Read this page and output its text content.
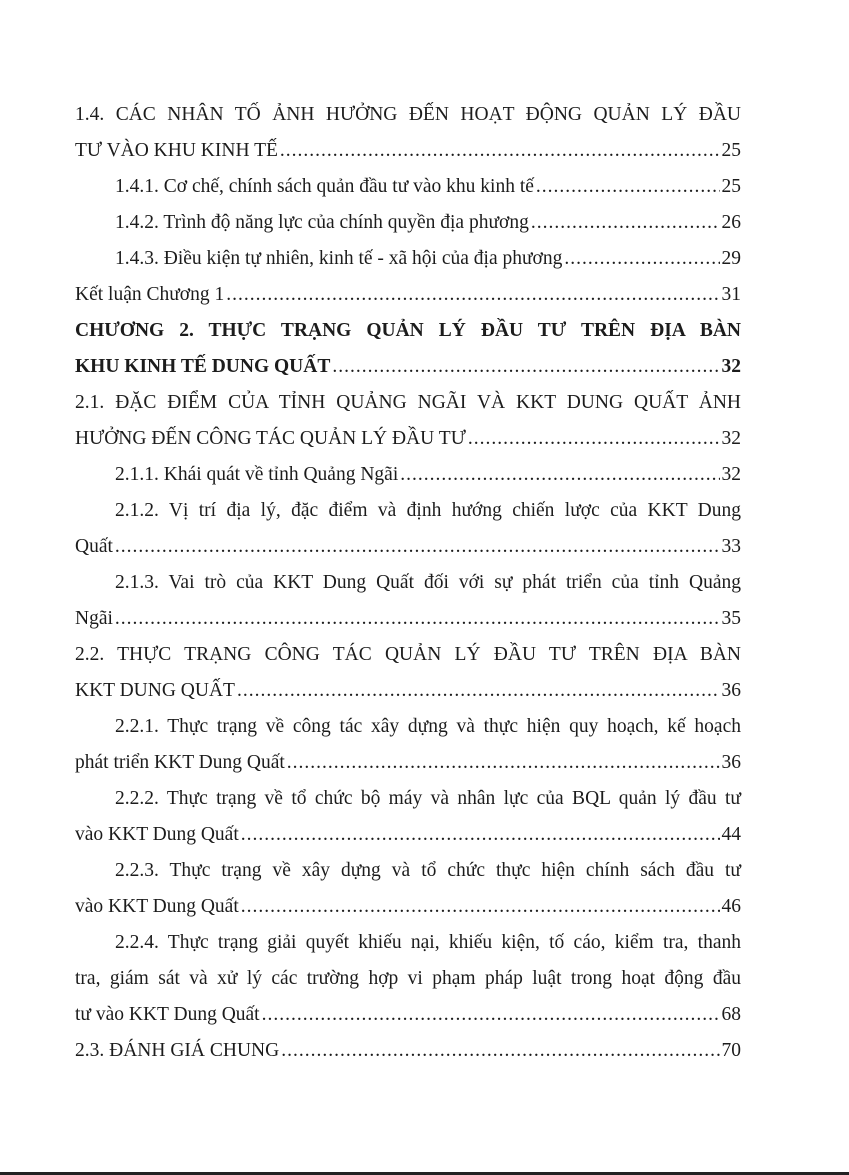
1.4. CÁC NHÂN TỐ ẢNH HƯỞNG ĐẾN HOẠT ĐỘNG QUẢN LÝ ĐẦU
TƯ VÀO KHU KINH TẾ .....	25
1.4.1. Cơ chế, chính sách quản đầu tư vào khu kinh tế .....	25
1.4.2. Trình độ năng lực của chính quyền địa phương .....	26
1.4.3. Điều kiện tự nhiên, kinh tế - xã hội của địa phương .....	29
Kết luận Chương 1 .....	31
CHƯƠNG 2. THỰC TRẠNG QUẢN LÝ ĐẦU TƯ TRÊN ĐỊA BÀN
KHU KINH TẾ DUNG QUẤT .....	32
2.1. ĐẶC ĐIỂM CỦA TỈNH QUẢNG NGÃI VÀ KKT DUNG QUẤT ẢNH
HƯỞNG ĐẾN CÔNG TÁC QUẢN LÝ ĐẦU TƯ .....	32
2.1.1. Khái quát về tỉnh Quảng Ngãi .....	32
2.1.2. Vị trí địa lý, đặc điểm và định hướng chiến lược của KKT Dung
Quất .....	33
2.1.3. Vai trò của KKT Dung Quất đối với sự phát triển của tỉnh Quảng
Ngãi .....	35
2.2. THỰC TRẠNG CÔNG TÁC QUẢN LÝ ĐẦU TƯ TRÊN ĐỊA BÀN
KKT DUNG QUẤT .....	36
2.2.1. Thực trạng về công tác xây dựng và thực hiện quy hoạch, kế hoạch
phát triển KKT Dung Quất .....	36
2.2.2. Thực trạng về tổ chức bộ máy và nhân lực của BQL quản lý đầu tư
vào KKT Dung Quất .....	44
2.2.3. Thực trạng về xây dựng và tổ chức thực hiện chính sách đầu tư
vào KKT Dung Quất .....	46
2.2.4. Thực trạng giải quyết khiếu nại, khiếu kiện, tố cáo, kiểm tra, thanh
tra, giám sát và xử lý các trường hợp vi phạm pháp luật trong hoạt động đầu
tư vào KKT Dung Quất .....	68
2.3. ĐÁNH GIÁ CHUNG .....	70
